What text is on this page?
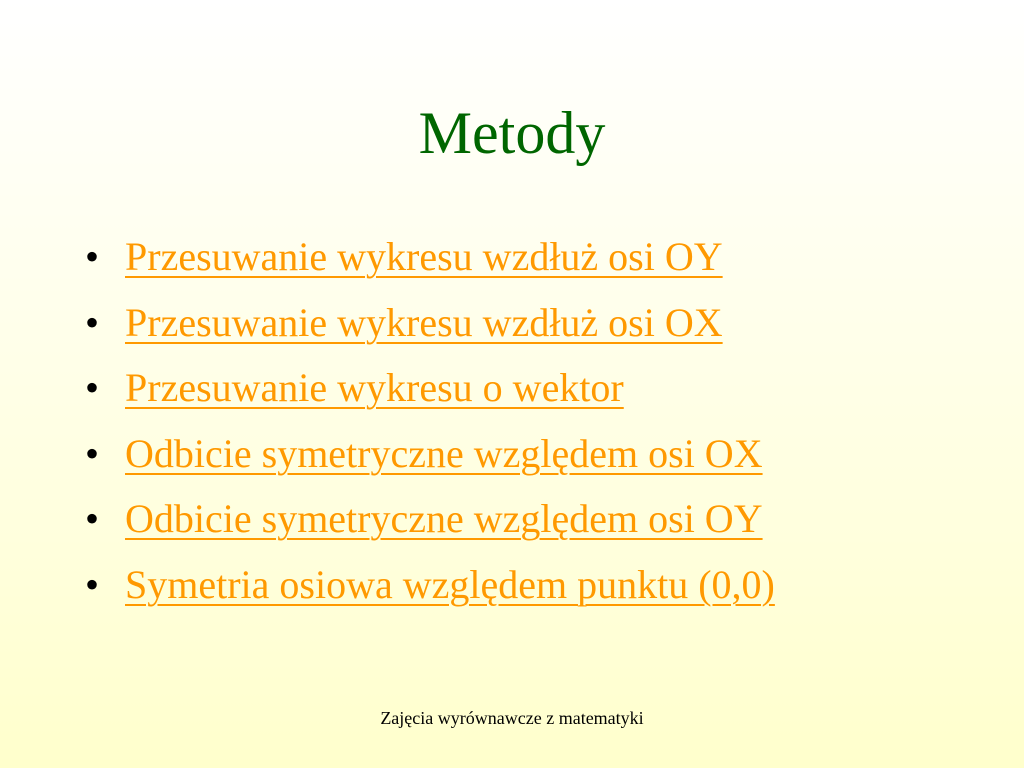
Metody
• Przesuwanie wykresu wzdłuż osi OY
• Przesuwanie wykresu wzdłuż osi OX
• Przesuwanie wykresu o wektor
• Odbicie symetryczne względem osi OX
• Odbicie symetryczne względem osi OY
• Symetria osiowa względem punktu (0,0)
Zajęcia wyrównawcze z matematyki
